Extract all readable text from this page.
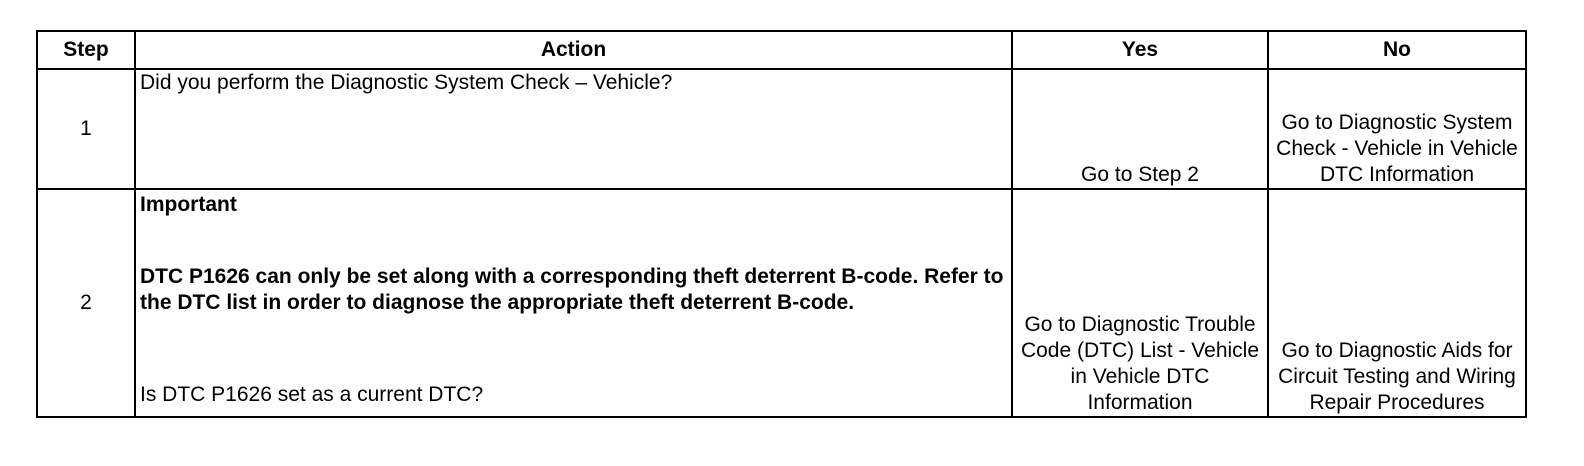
Step	Action	Yes	No
1	Did you perform the Diagnostic System Check – Vehicle?	Go to Step 2	Go to Diagnostic System Check - Vehicle in Vehicle DTC Information
2	Important
DTC P1626 can only be set along with a corresponding theft deterrent B-code. Refer to the DTC list in order to diagnose the appropriate theft deterrent B-code.
Is DTC P1626 set as a current DTC?	Go to Diagnostic Trouble Code (DTC) List - Vehicle in Vehicle DTC Information	Go to Diagnostic Aids for Circuit Testing and Wiring Repair Procedures
